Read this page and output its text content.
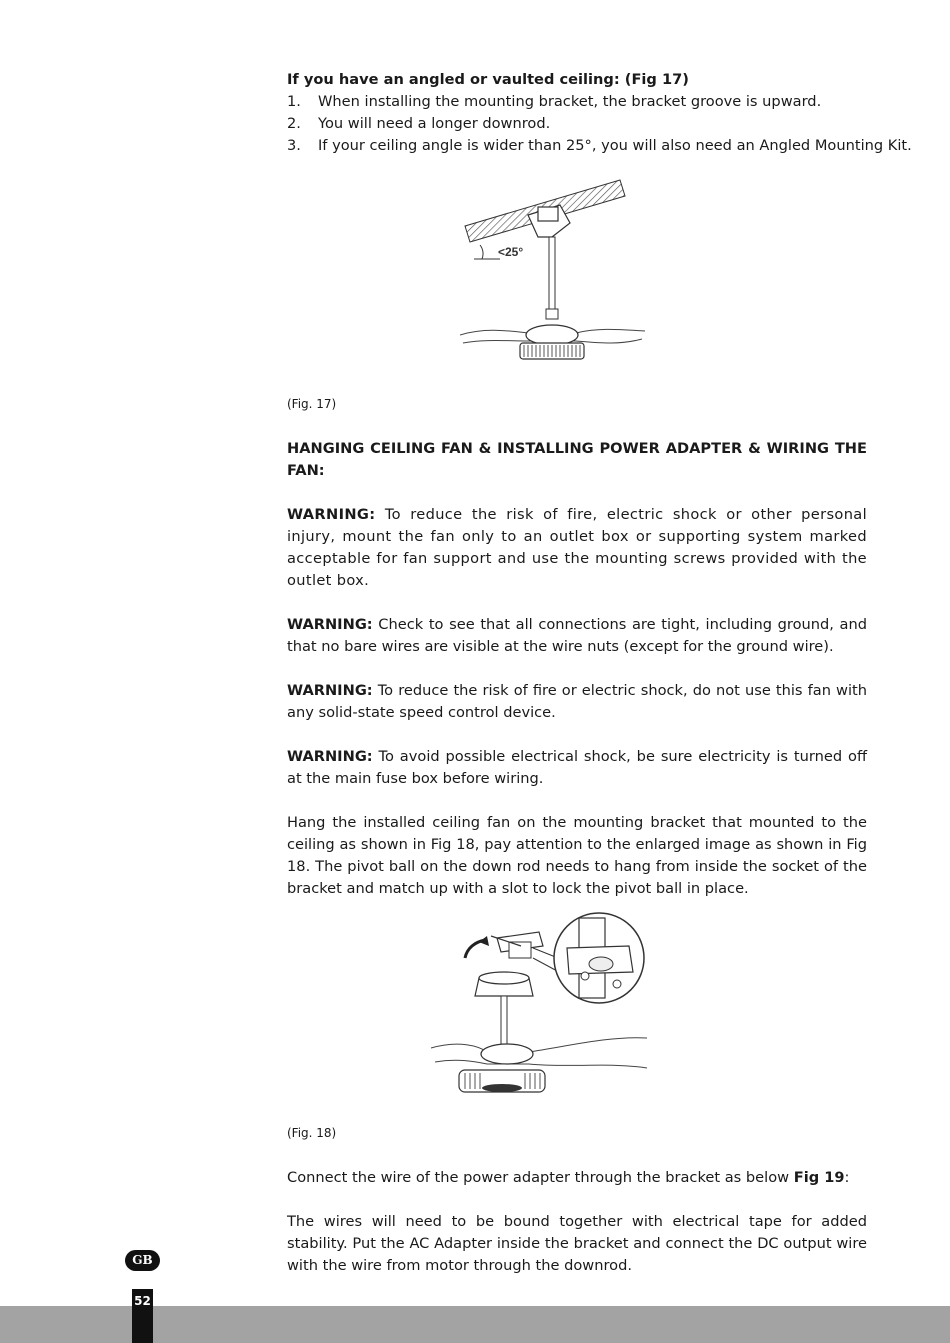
If you have an angled or vaulted ceiling: (Fig 17)

1. When installing the mounting bracket, the bracket groove is upward.
2. You will need a longer downrod.
3. If your ceiling angle is wider than 25°, you will also need an Angled Mounting Kit.
<25°

(Fig. 17)

HANGING CEILING FAN & INSTALLING POWER ADAPTER & WIRING THE FAN:

WARNING: To reduce the risk of fire, electric shock or other personal injury, mount the fan only to an outlet box or supporting system marked acceptable for fan support and use the mounting screws provided with the outlet box.

WARNING: Check to see that all connections are tight, including ground, and that no bare wires are visible at the wire nuts (except for the ground wire).

WARNING: To reduce the risk of fire or electric shock, do not use this fan with any solid-state speed control device.

WARNING: To avoid possible electrical shock, be sure electricity is turned off at the main fuse box before wiring.

Hang the installed ceiling fan on the mounting bracket that mounted to the ceiling as shown in Fig 18, pay attention to the enlarged image as shown in Fig 18. The pivot ball on the down rod needs to hang from inside the socket of the bracket and match up with a slot to lock the pivot ball in place.

(Fig. 18)

Connect the wire of the power adapter through the bracket as below Fig 19:

The wires will need to be bound together with electrical tape for added stability. Put the AC Adapter inside the bracket and connect the DC output wire with the wire from motor through the downrod.

GB
52
